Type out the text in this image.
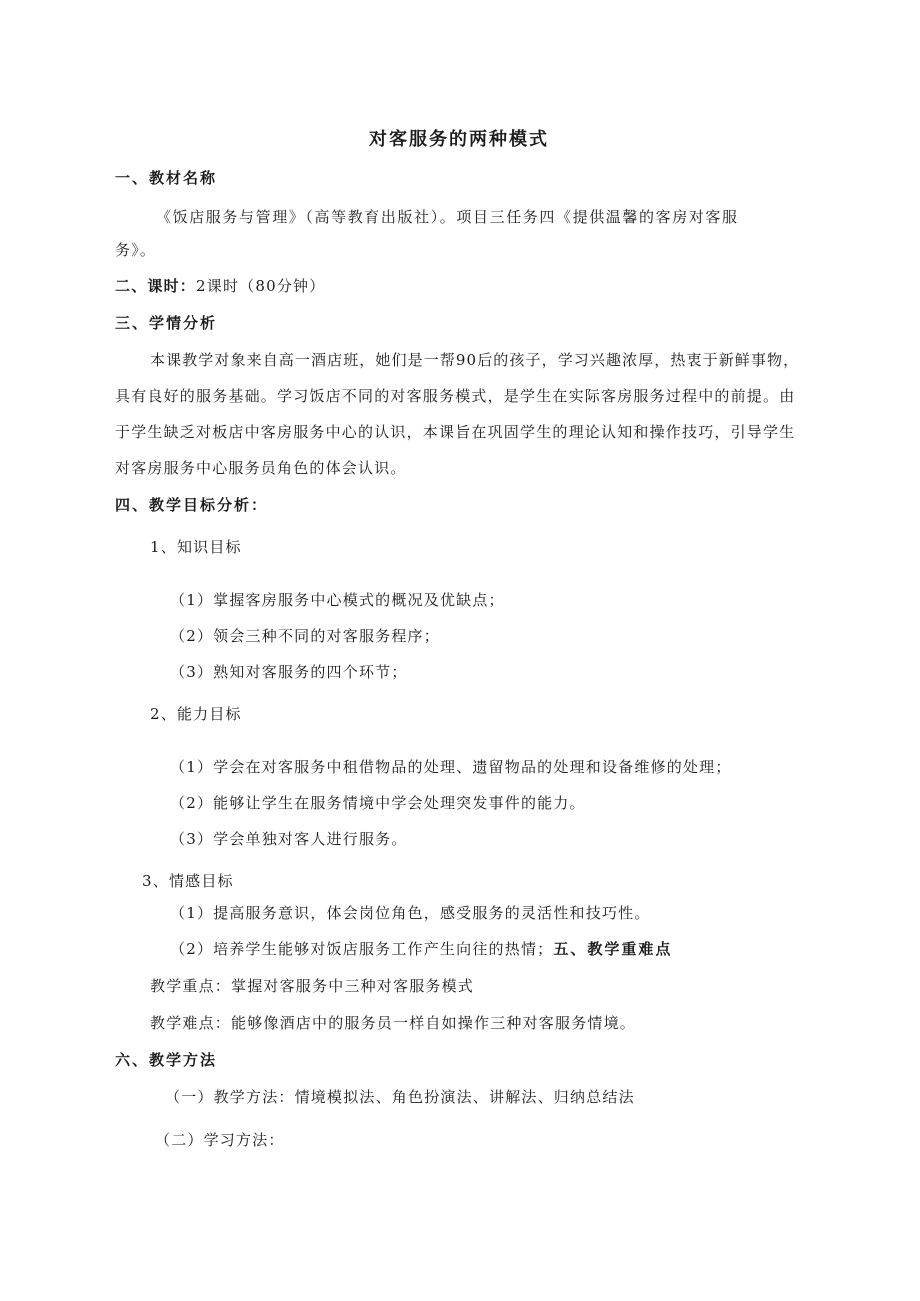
对客服务的两种模式
一、教材名称
《饭店服务与管理》（高等教育出版社）。项目三任务四《提供温馨的客房对客服
务》。
二、课时：2课时（80分钟）
三、学情分析
本课教学对象来自高一酒店班，她们是一帮90后的孩子，学习兴趣浓厚，热衷于新鲜事物，
具有良好的服务基础。学习饭店不同的对客服务模式，是学生在实际客房服务过程中的前提。由
于学生缺乏对板店中客房服务中心的认识，本课旨在巩固学生的理论认知和操作技巧，引导学生
对客房服务中心服务员角色的体会认识。
四、教学目标分析：
1、知识目标
（1）掌握客房服务中心模式的概况及优缺点；
（2）领会三种不同的对客服务程序；
（3）熟知对客服务的四个环节；
2、能力目标
（1）学会在对客服务中租借物品的处理、遗留物品的处理和设备维修的处理；
（2）能够让学生在服务情境中学会处理突发事件的能力。
（3）学会单独对客人进行服务。
3、情感目标
（1）提高服务意识，体会岗位角色，感受服务的灵活性和技巧性。
（2）培养学生能够对饭店服务工作产生向往的热情；五、教学重难点
教学重点：掌握对客服务中三种对客服务模式
教学难点：能够像酒店中的服务员一样自如操作三种对客服务情境。
六、教学方法
（一）教学方法：情境模拟法、角色扮演法、讲解法、归纳总结法
（二）学习方法：
